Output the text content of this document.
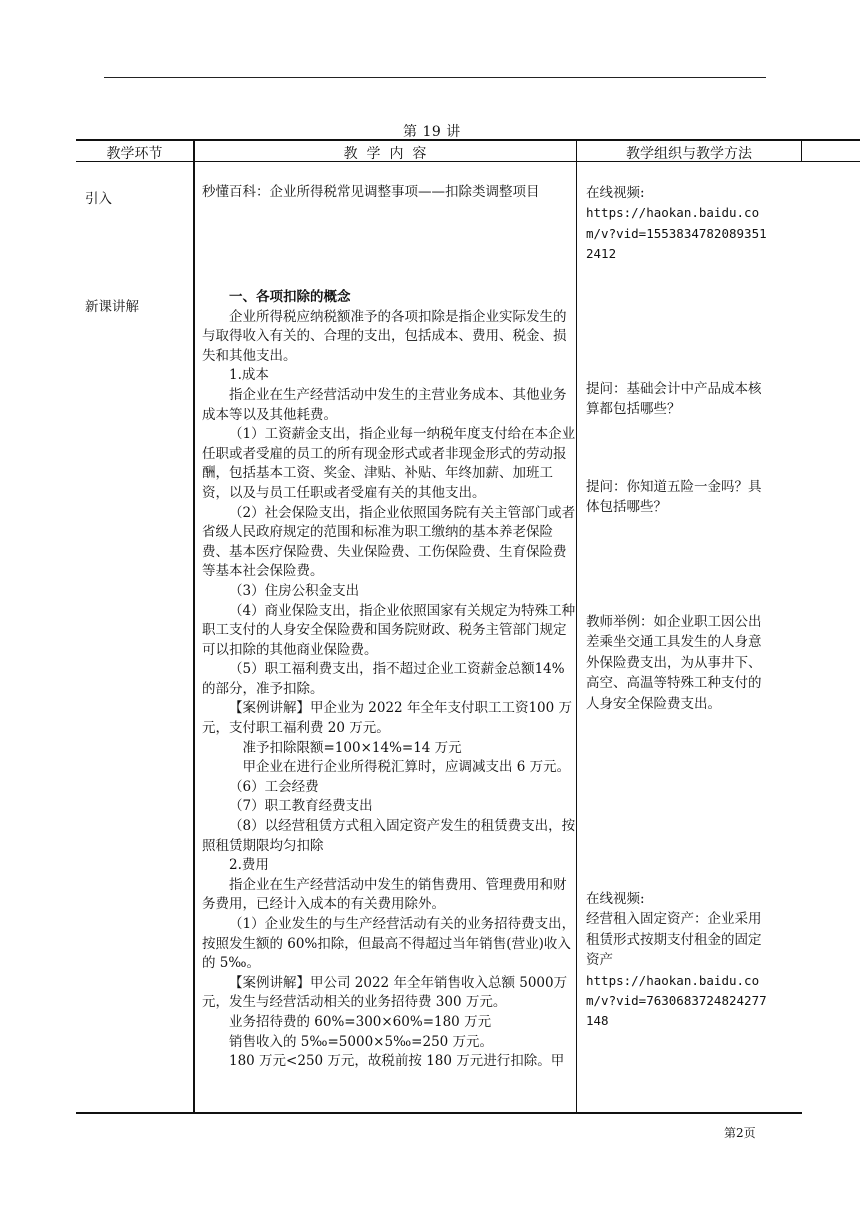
第 19 讲
教学环节	教  学  内  容	教学组织与教学方法
引入
新课讲解

秒懂百科：企业所得税常见调整事项——扣除类调整项目

一、各项扣除的概念

企业所得税应纳税额准予的各项扣除是指企业实际发生的与取得收入有关的、合理的支出，包括成本、费用、税金、损失和其他支出。

1.成本

指企业在生产经营活动中发生的主营业务成本、其他业务成本等以及其他耗费。

（1）工资薪金支出，指企业每一纳税年度支付给在本企业任职或者受雇的员工的所有现金形式或者非现金形式的劳动报酬，包括基本工资、奖金、津贴、补贴、年终加薪、加班工资，以及与员工任职或者受雇有关的其他支出。

（2）社会保险支出，指企业依照国务院有关主管部门或者省级人民政府规定的范围和标准为职工缴纳的基本养老保险费、基本医疗保险费、失业保险费、工伤保险费、生育保险费等基本社会保险费。

（3）住房公积金支出

（4）商业保险支出，指企业依照国家有关规定为特殊工种职工支付的人身安全保险费和国务院财政、税务主管部门规定可以扣除的其他商业保险费。

（5）职工福利费支出，指不超过企业工资薪金总额14%的部分，准予扣除。

【案例讲解】甲企业为 2022 年全年支付职工工资100 万元，支付职工福利费 20 万元。

准予扣除限额=100×14%=14 万元

甲企业在进行企业所得税汇算时，应调减支出 6 万元。

（6）工会经费

（7）职工教育经费支出

（8）以经营租赁方式租入固定资产发生的租赁费支出，按照租赁期限均匀扣除

2.费用

指企业在生产经营活动中发生的销售费用、管理费用和财务费用，已经计入成本的有关费用除外。

（1）企业发生的与生产经营活动有关的业务招待费支出，按照发生额的 60%扣除，但最高不得超过当年销售(营业)收入的 5‰。

【案例讲解】甲公司 2022 年全年销售收入总额 5000万元，发生与经营活动相关的业务招待费 300 万元。

业务招待费的 60%=300×60%=180 万元

销售收入的 5‰=5000×5‰=250 万元。

180 万元<250 万元，故税前按 180 万元进行扣除。甲

在线视频:

https://haokan.baidu.com/v?vid=15538347820893512412

提问：基础会计中产品成本核算都包括哪些？
提问：你知道五险一金吗？具体包括哪些？
教师举例：如企业职工因公出差乘坐交通工具发生的人身意外保险费支出，为从事井下、高空、高温等特殊工种支付的人身安全保险费支出。

在线视频:

经营租入固定资产：企业采用租赁形式按期支付租金的固定资产

https://haokan.baidu.com/v?vid=7630683724824277148

第2页
